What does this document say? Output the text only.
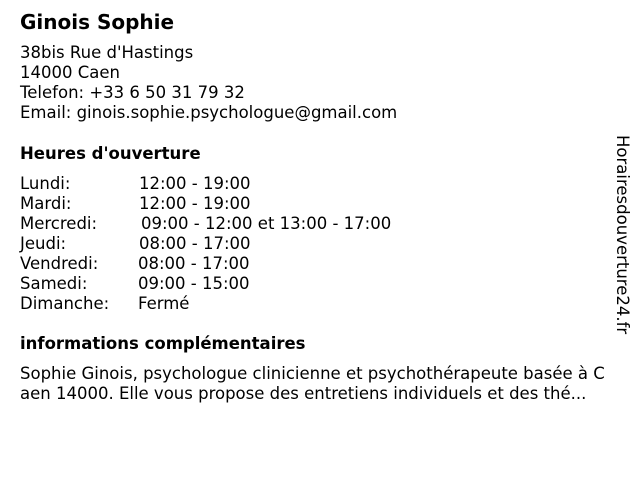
Ginois Sophie
38bis Rue d'Hastings
14000 Caen
Telefon: +33 6 50 31 79 32
Email: ginois.sophie.psychologue@gmail.com
Heures d'ouverture
Lundi:	12:00 - 19:00
Mardi:	12:00 - 19:00
Mercredi:	09:00 - 12:00 et 13:00 - 17:00
Jeudi:	08:00 - 17:00
Vendredi: 08:00 - 17:00
Samedi:	09:00 - 15:00
Dimanche: Fermé
informations complémentaires
Sophie Ginois, psychologue clinicienne et psychothérapeute basée à C
aen 14000. Elle vous propose des entretiens individuels et des thé...
Horairesdouverture24.fr
